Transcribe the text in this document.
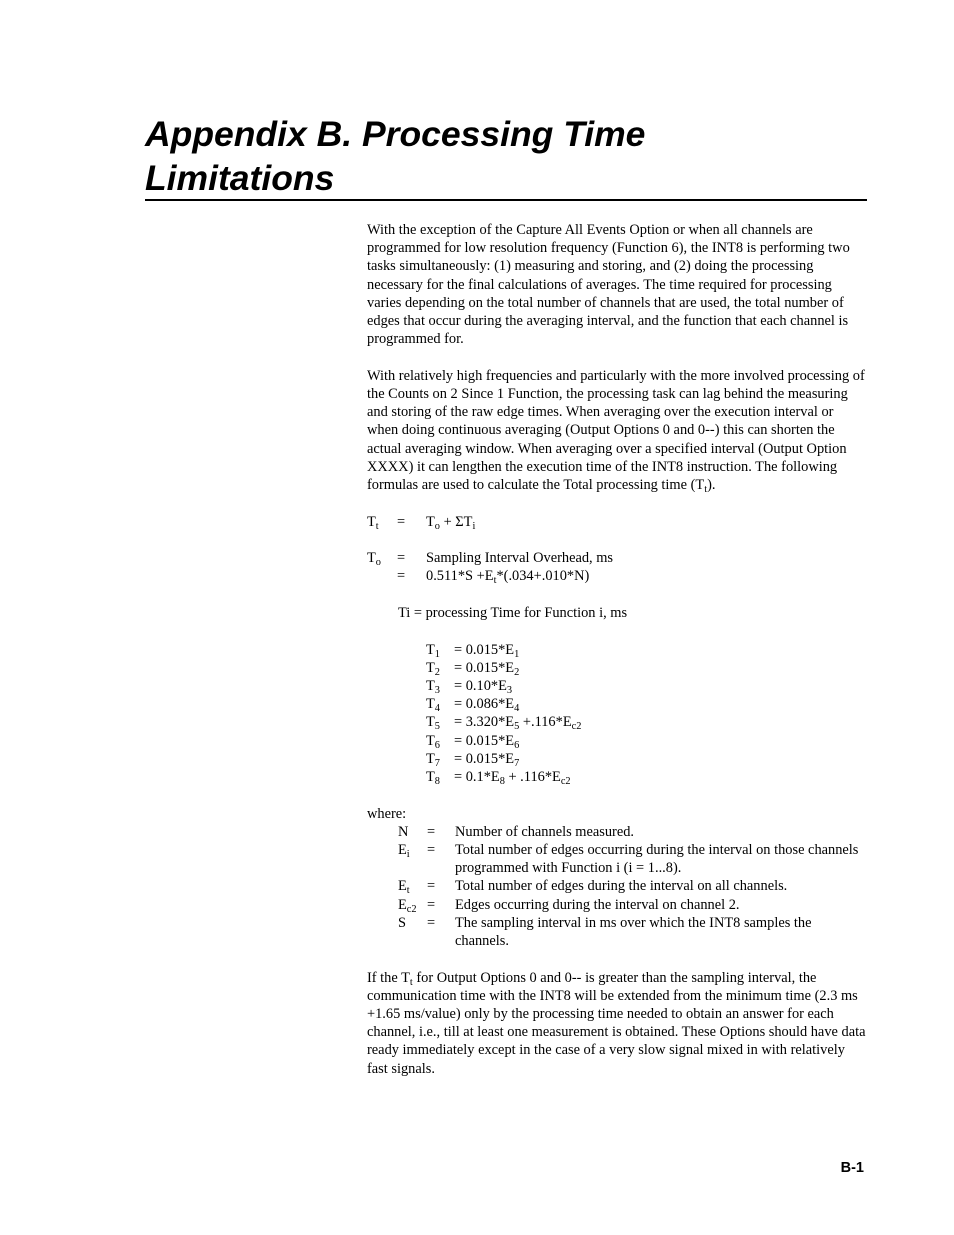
Appendix B. Processing Time
Limitations

With the exception of the Capture All Events Option or when all channels are programmed for low resolution frequency (Function 6), the INT8 is performing two tasks simultaneously: (1) measuring and storing, and (2) doing the processing necessary for the final calculations of averages. The time required for processing varies depending on the total number of channels that are used, the total number of edges that occur during the averaging interval, and the function that each channel is programmed for.

With relatively high frequencies and particularly with the more involved processing of the Counts on 2 Since 1 Function, the processing task can lag behind the measuring and storing of the raw edge times. When averaging over the execution interval or when doing continuous averaging (Output Options 0 and 0--) this can shorten the actual averaging window. When averaging over a specified interval (Output Option XXXX) it can lengthen the execution time of the INT8 instruction. The following formulas are used to calculate the Total processing time $(T_t)$.

$T_t$	=	$T_o + \Sigma T_i$
$T_o$	=	Sampling Interval Overhead, ms
=	$0.511*S +E_t*(.034+.010*N)$
Ti = processing Time for Function i, ms
$T_1 = 0.015*E_1$
$T_2 = 0.015*E_2$
$T_3 = 0.10*E_3$
$T_4 = 0.086*E_4$
$T_5 = 3.320*E_5 +.116*E_{c2}$
$T_6 = 0.015*E_6$
$T_7 = 0.015*E_7$
$T_8 = 0.1*E_8 + .116*E_{c2}$
where:
N	=	Number of channels measured.
$E_i$	=	Total number of edges occurring during the interval on those channels programmed with Function i (i = 1...8).
$E_t$	=	Total number of edges during the interval on all channels.
$E_{c2}$ =	Edges occurring during the interval on channel 2.
S	=	The sampling interval in ms over which the INT8 samples the channels.

If the $T_t$ for Output Options 0 and 0-- is greater than the sampling interval, the communication time with the INT8 will be extended from the minimum time (2.3 ms +1.65 ms/value) only by the processing time needed to obtain an answer for each channel, i.e., till at least one measurement is obtained. These Options should have data ready immediately except in the case of a very slow signal mixed in with relatively fast signals.

B-1
